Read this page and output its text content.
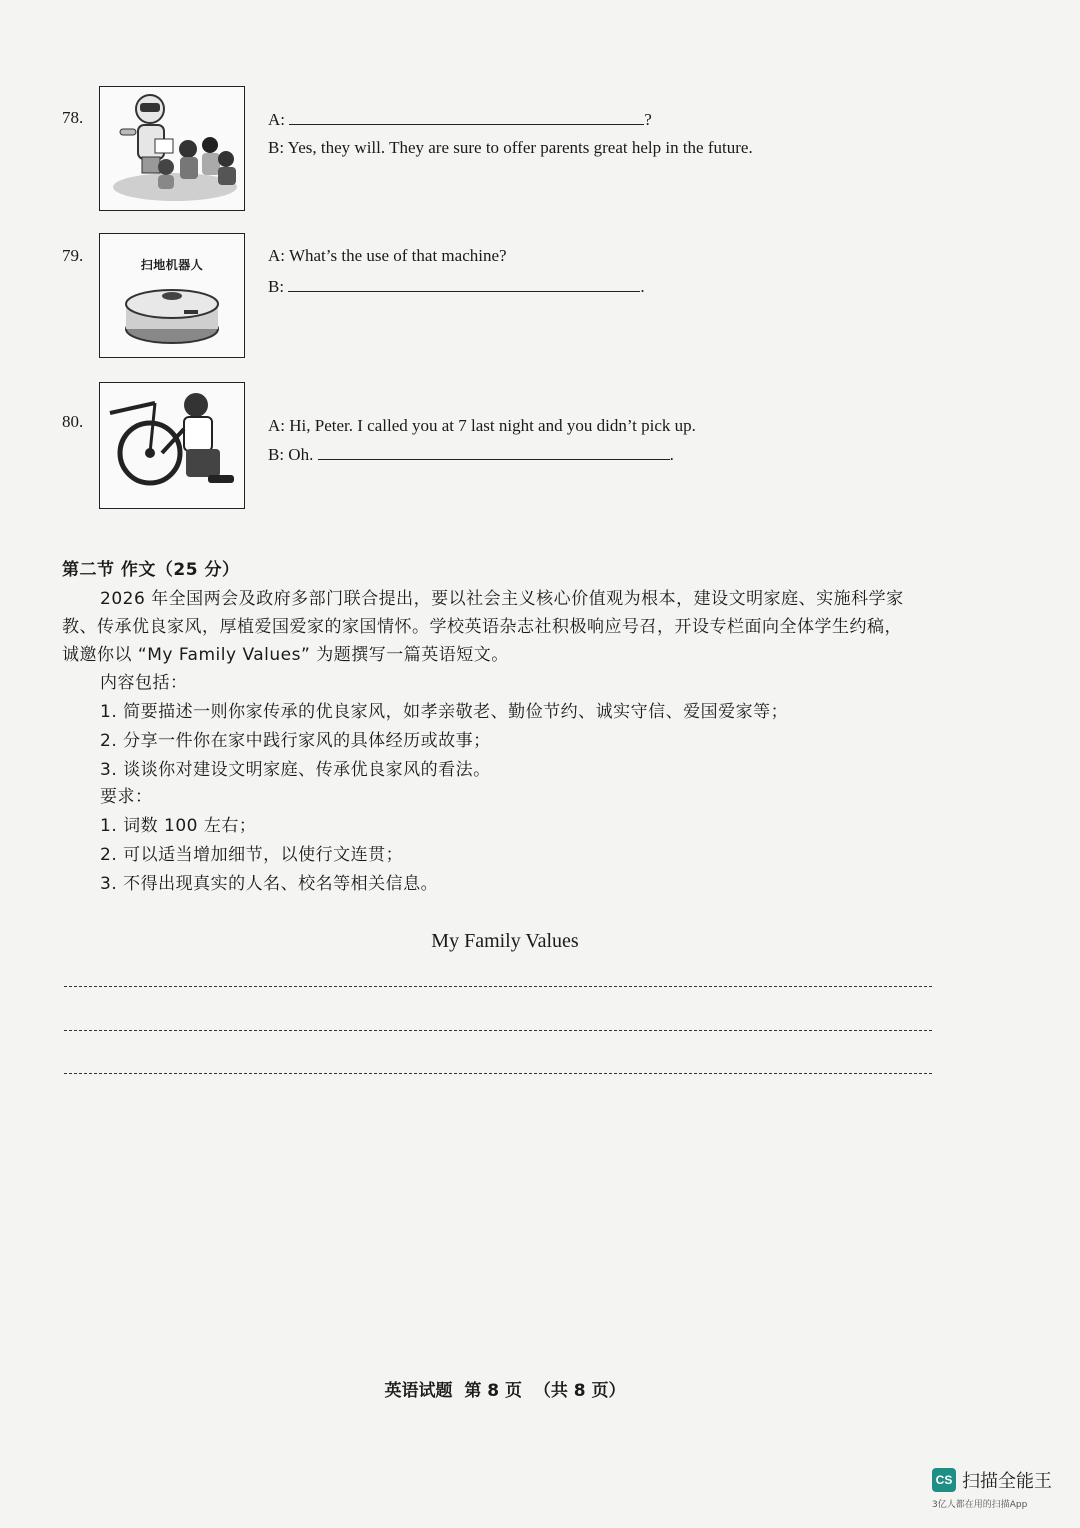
78.	A:	?
B: Yes, they will. They are sure to offer parents great help in the future.
79.	扫地机器人	A: What’s the use of that machine?
B:	.
80.	A: Hi, Peter. I called you at 7 last night and you didn’t pick up.
B: Oh.	.
第二节 作文（25 分）
2026 年全国两会及政府多部门联合提出，要以社会主义核心价值观为根本，建设文明家庭、实施科学家
教、传承优良家风，厚植爱国爱家的家国情怀。学校英语杂志社积极响应号召，开设专栏面向全体学生约稿，
诚邀你以 “My Family Values” 为题撰写一篇英语短文。
内容包括：
1. 简要描述一则你家传承的优良家风，如孝亲敬老、勤俭节约、诚实守信、爱国爱家等；
2. 分享一件你在家中践行家风的具体经历或故事；
3. 谈谈你对建设文明家庭、传承优良家风的看法。
要求：
1. 词数 100 左右；
2. 可以适当增加细节，以使行文连贯；
3. 不得出现真实的人名、校名等相关信息。
My Family Values
英语试题  第 8 页  （共 8 页）
CS 扫描全能王
3亿人都在用的扫描App
